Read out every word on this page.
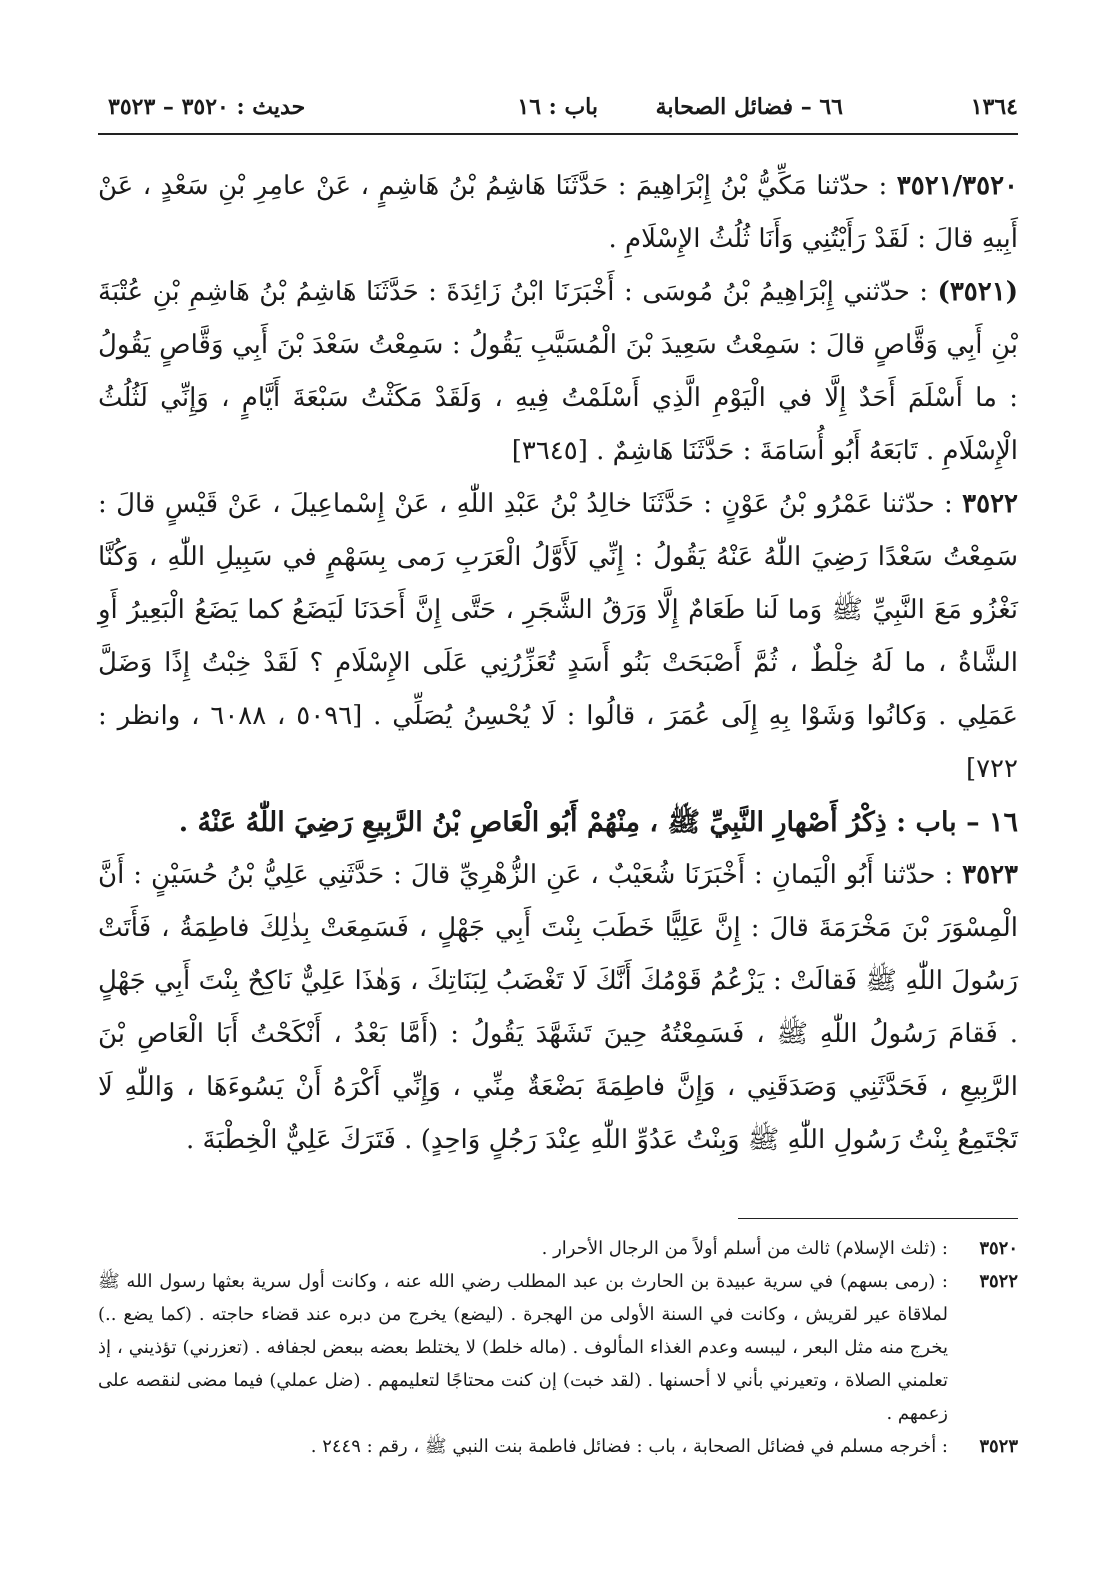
١٣٦٤
٦٦ – فضائل الصحابة
باب : ١٦
حديث : ٣٥٢٠ – ٣٥٢٣

٣٥٢١/٣٥٢٠ : حدّثنا مَكِّيُّ بْنُ إِبْرَاهِيمَ : حَدَّثَنَا هَاشِمُ بْنُ هَاشِمٍ ، عَنْ عامِرِ بْنِ سَعْدٍ ، عَنْ أَبِيهِ قالَ : لَقَدْ رَأَيْتُنِي وَأَنَا ثُلُثُ الإِسْلَامِ .

(٣٥٢١) : حدّثني إِبْرَاهِيمُ بْنُ مُوسَى : أَخْبَرَنَا ابْنُ زَائِدَةَ : حَدَّثَنَا هَاشِمُ بْنُ هَاشِمِ بْنِ عُتْبَةَ بْنِ أَبِي وَقَّاصٍ قالَ : سَمِعْتُ سَعِيدَ بْنَ الْمُسَيَّبِ يَقُولُ : سَمِعْتُ سَعْدَ بْنَ أَبِي وَقَّاصٍ يَقُولُ : ما أَسْلَمَ أَحَدٌ إِلَّا في الْيَوْمِ الَّذِي أَسْلَمْتُ فِيهِ ، وَلَقَدْ مَكَثْتُ سَبْعَةَ أَيَّامٍ ، وَإِنِّي لَثُلُثُ الْإِسْلَامِ . تَابَعَهُ أَبُو أُسَامَةَ : حَدَّثَنَا هَاشِمٌ . [٣٦٤٥]

٣٥٢٢ : حدّثنا عَمْرُو بْنُ عَوْنٍ : حَدَّثَنَا خالِدُ بْنُ عَبْدِ اللّٰهِ ، عَنْ إِسْماعِيلَ ، عَنْ قَيْسٍ قالَ : سَمِعْتُ سَعْدًا رَضِيَ اللّٰهُ عَنْهُ يَقُولُ : إِنِّي لَأَوَّلُ الْعَرَبِ رَمى بِسَهْمٍ في سَبِيلِ اللّٰهِ ، وَكُنَّا نَغْزُو مَعَ النَّبِيِّ ﷺ وَما لَنا طَعَامٌ إِلَّا وَرَقُ الشَّجَرِ ، حَتَّى إِنَّ أَحَدَنَا لَيَضَعُ كما يَضَعُ الْبَعِيرُ أَوِ الشَّاةُ ، ما لَهُ خِلْطٌ ، ثُمَّ أَصْبَحَتْ بَنُو أَسَدٍ تُعَزِّرُنِي عَلَى الإِسْلَامِ ؟ لَقَدْ خِبْتُ إِذًا وَضَلَّ عَمَلِي . وَكانُوا وَشَوْا بِهِ إِلَى عُمَرَ ، قالُوا : لَا يُحْسِنُ يُصَلِّي . [٥٠٩٦ ، ٦٠٨٨ ، وانظر : ٧٢٢]

١٦ – باب : ذِكْرُ أَصْهارِ النَّبِيِّ ﷺ ، مِنْهُمْ أَبُو الْعَاصِ بْنُ الرَّبِيعِ رَضِيَ اللّٰهُ عَنْهُ .

٣٥٢٣ : حدّثنا أَبُو الْيَمانِ : أَخْبَرَنَا شُعَيْبٌ ، عَنِ الزُّهْرِيِّ قالَ : حَدَّثَنِي عَلِيُّ بْنُ حُسَيْنٍ : أَنَّ الْمِسْوَرَ بْنَ مَخْرَمَةَ قالَ : إِنَّ عَلِيًّا خَطَبَ بِنْتَ أَبِي جَهْلٍ ، فَسَمِعَتْ بِذٰلِكَ فاطِمَةُ ، فَأَتَتْ رَسُولَ اللّٰهِ ﷺ فَقالَتْ : يَزْعُمُ قَوْمُكَ أَنَّكَ لَا تَغْضَبُ لِبَنَاتِكَ ، وَهٰذَا عَلِيٌّ نَاكِحٌ بِنْتَ أَبِي جَهْلٍ . فَقامَ رَسُولُ اللّٰهِ ﷺ ، فَسَمِعْتُهُ حِينَ تَشَهَّدَ يَقُولُ : (أَمَّا بَعْدُ ، أَنْكَحْتُ أَبَا الْعَاصِ بْنَ الرَّبِيعِ ، فَحَدَّثَنِي وَصَدَقَنِي ، وَإِنَّ فاطِمَةَ بَضْعَةٌ مِنِّي ، وَإِنِّي أَكْرَهُ أَنْ يَسُوءَهَا ، وَاللّٰهِ لَا تَجْتَمِعُ بِنْتُ رَسُولِ اللّٰهِ ﷺ وَبِنْتُ عَدُوِّ اللّٰهِ عِنْدَ رَجُلٍ وَاحِدٍ) . فَتَرَكَ عَلِيٌّ الْخِطْبَةَ .

٣٥٢٠
: (ثلث الإسلام) ثالث من أسلم أولاً من الرجال الأحرار .

٣٥٢٢
: (رمى بسهم) في سرية عبيدة بن الحارث بن عبد المطلب رضي الله عنه ، وكانت أول سرية بعثها رسول الله ﷺ لملاقاة عير لقريش ، وكانت في السنة الأولى من الهجرة . (ليضع) يخرج من دبره عند قضاء حاجته . (كما يضع ..) يخرج منه مثل البعر ، ليبسه وعدم الغذاء المألوف . (ماله خلط) لا يختلط بعضه ببعض لجفافه . (تعزرني) تؤذيني ، إذ تعلمني الصلاة ، وتعيرني بأني لا أحسنها . (لقد خبت) إن كنت محتاجًا لتعليمهم . (ضل عملي) فيما مضى لنقصه على زعمهم .

٣٥٢٣
: أخرجه مسلم في فضائل الصحابة ، باب : فضائل فاطمة بنت النبي ﷺ ، رقم : ٢٤٤٩ .
